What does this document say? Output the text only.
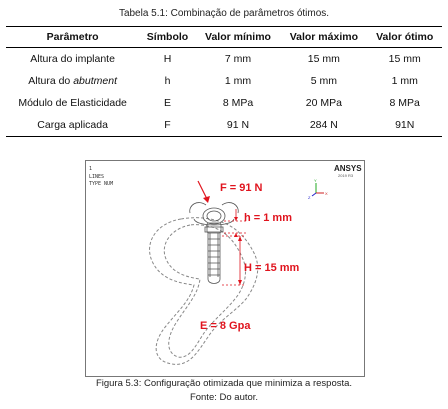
Tabela 5.1: Combinação de parâmetros ótimos.
Parâmetro	Símbolo	Valor mínimo	Valor máximo	Valor ótimo
Altura do implante	H	7 mm	15 mm	15 mm
Altura do abutment	h	1 mm	5 mm	1 mm
Módulo de Elasticidade	E	8 MPa	20 MPa	8 MPa
Carga aplicada	F	91 N	284 N	91N
1
LINES
TYPE NUM
ANSYS
2019 R3
Y
Z
X
F = 91 N
h = 1 mm
H = 15 mm
E = 8 Gpa
Figura 5.3: Configuração otimizada que minimiza a resposta.
Fonte: Do autor.
